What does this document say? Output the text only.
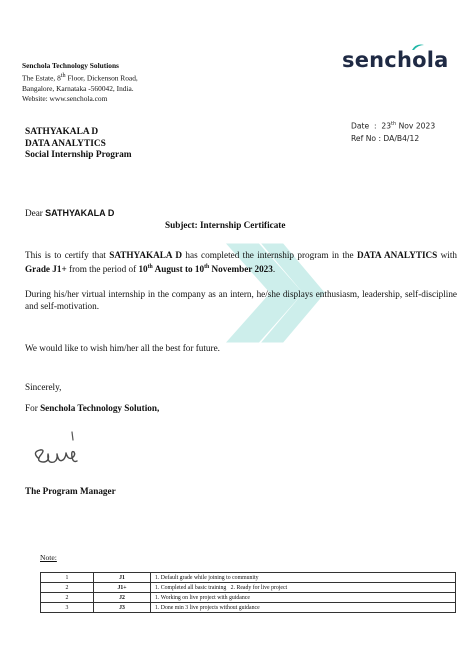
Senchola Technology Solutions
The Estate, 8th Floor, Dickenson Road,
Bangalore, Karnataka -560042, India.
Website: www.senchola.com
sench
ola
Date  :  23th Nov 2023
Ref No : DA/B4/12
SATHYAKALA D
DATA ANALYTICS
Social Internship Program
Dear SATHYAKALA D
Subject: Internship Certificate
This is to certify that SATHYAKALA D has completed the internship program in the DATA ANALYTICS with Grade J1+ from the period of 10th August to 10th November 2023.
During his/her virtual internship in the company as an intern, he/she displays enthusiasm, leadership, self-discipline and self-motivation.
We would like to wish him/her all the best for future.
Sincerely,
For Senchola Technology Solution,
The Program Manager
Note:
1	J1	1. Default grade while joining to community
2	J1+	1. Completed all basic training   2. Ready for live project
2	J2	1. Working on live project with guidance
3	J3	1. Done min 3 live projects without guidance
